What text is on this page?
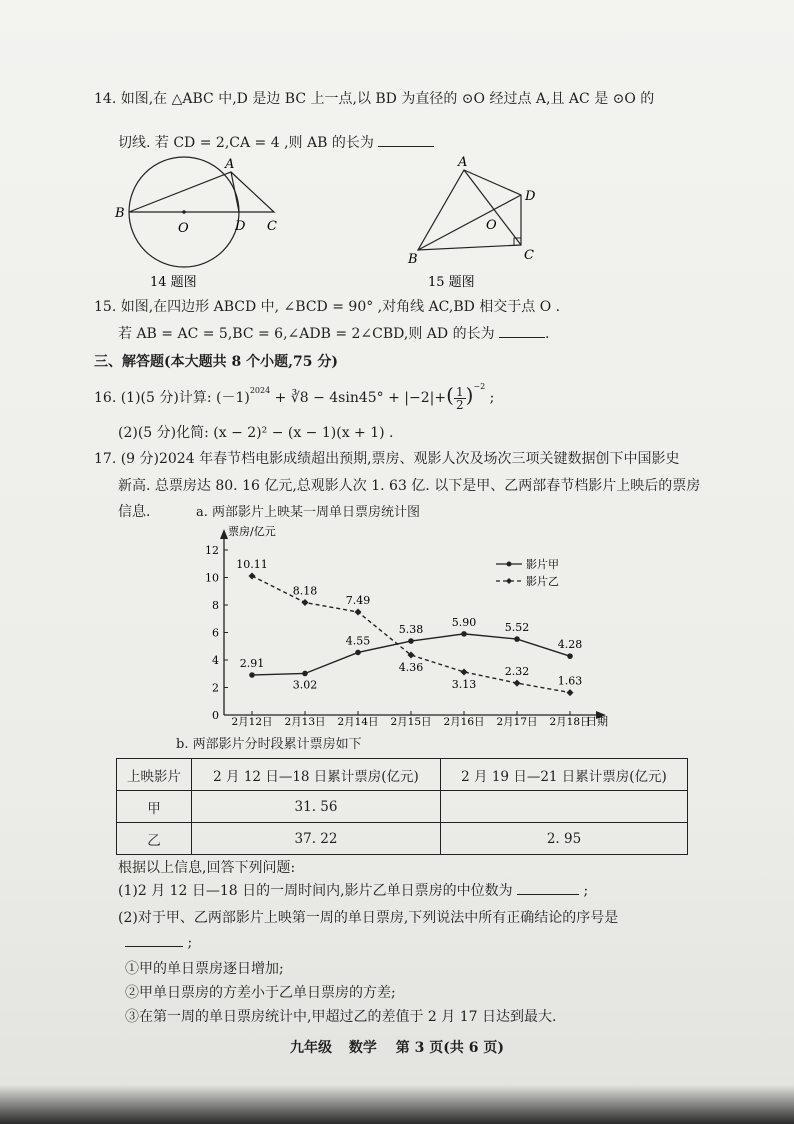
14. 如图,在 △ABC 中,D 是边 BC 上一点,以 BD 为直径的 ⊙O 经过点 A,且 AC 是 ⊙O 的
切线. 若 CD = 2,CA = 4 ,则 AB 的长为
B
O	D C
A
14 题图
A
D
O
B	C
15 题图
15. 如图,在四边形 ABCD 中, ∠BCD = 90° ,对角线 AC,BD 相交于点 O .
若 AB = AC = 5,BC = 6,∠ADB = 2∠CBD,则 AD 的长为	.
三、解答题(本大题共 8 个小题,75 分)
16. (1)(5 分)计算: $(-1)^{2024}$ + ∛8 − $4\sin 45^\circ + |-2|+( \frac{1}{2} )^{-2}$ ;
(2)(5 分)化简: (x − 2)² − (x − 1)(x + 1) .
17. (9 分)2024 年春节档电影成绩超出预期,票房、观影人次及场次三项关键数据创下中国影史
新高. 总票房达 80. 16 亿元,总观影人次 1. 63 亿. 以下是甲、乙两部春节档影片上映后的票房
信息.	a. 两部影片上映某一周单日票房统计图
票房/亿元
日期
0
2
4
6
8
10
12
2月12日 2月13日 2月14日 2月15日 2月16日 2月17日 2月18日
2.91
3.02
4.55
5.38
5.90	5.52
4.28
10.11
8.18
7.49
4.36
3.13
2.32
1.63
影片甲
影片乙
b. 两部影片分时段累计票房如下
上映影片	2 月 12 日—18 日累计票房(亿元)	2 月 19 日—21 日累计票房(亿元)
甲	31. 56	
乙	37. 22	2. 95
根据以上信息,回答下列问题:
(1)2 月 12 日—18 日的一周时间内,影片乙单日票房的中位数为	;
(2)对于甲、乙两部影片上映第一周的单日票房,下列说法中所有正确结论的序号是
;
①甲的单日票房逐日增加;
②甲单日票房的方差小于乙单日票房的方差;
③在第一周的单日票房统计中,甲超过乙的差值于 2 月 17 日达到最大.
九年级 数学 第 3 页(共 6 页)
